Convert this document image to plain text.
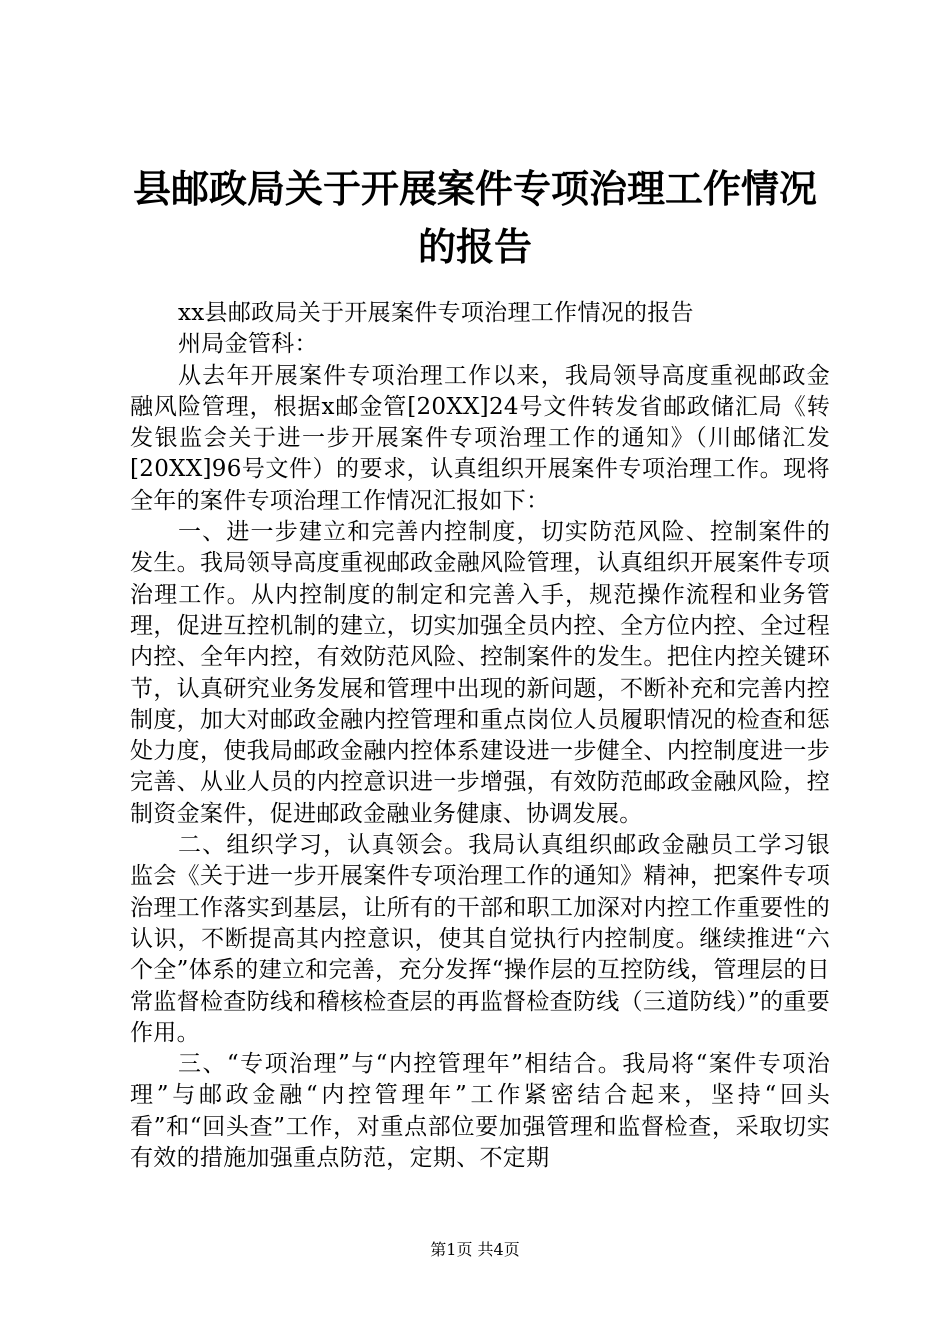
县邮政局关于开展案件专项治理工作情况的报告

xx县邮政局关于开展案件专项治理工作情况的报告

州局金管科：

从去年开展案件专项治理工作以来，我局领导高度重视邮政金融风险管理，根据x邮金管[20XX]24号文件转发省邮政储汇局《转发银监会关于进一步开展案件专项治理工作的通知》（川邮储汇发[20XX]96号文件）的要求，认真组织开展案件专项治理工作。现将全年的案件专项治理工作情况汇报如下：

一、进一步建立和完善内控制度，切实防范风险、控制案件的发生。我局领导高度重视邮政金融风险管理，认真组织开展案件专项治理工作。从内控制度的制定和完善入手，规范操作流程和业务管理，促进互控机制的建立，切实加强全员内控、全方位内控、全过程内控、全年内控，有效防范风险、控制案件的发生。把住内控关键环节，认真研究业务发展和管理中出现的新问题，不断补充和完善内控制度，加大对邮政金融内控管理和重点岗位人员履职情况的检查和惩处力度，使我局邮政金融内控体系建设进一步健全、内控制度进一步完善、从业人员的内控意识进一步增强，有效防范邮政金融风险，控制资金案件，促进邮政金融业务健康、协调发展。

二、组织学习，认真领会。我局认真组织邮政金融员工学习银监会《关于进一步开展案件专项治理工作的通知》精神，把案件专项治理工作落实到基层，让所有的干部和职工加深对内控工作重要性的认识，不断提高其内控意识，使其自觉执行内控制度。继续推进“六个全”体系的建立和完善，充分发挥“操作层的互控防线，管理层的日常监督检查防线和稽核检查层的再监督检查防线（三道防线）”的重要作用。

三、“专项治理”与“内控管理年”相结合。我局将“案件专项治理”与邮政金融“内控管理年”工作紧密结合起来，坚持“回头看”和“回头查”工作，对重点部位要加强管理和监督检查，采取切实有效的措施加强重点防范，定期、不定期

第1页 共4页
